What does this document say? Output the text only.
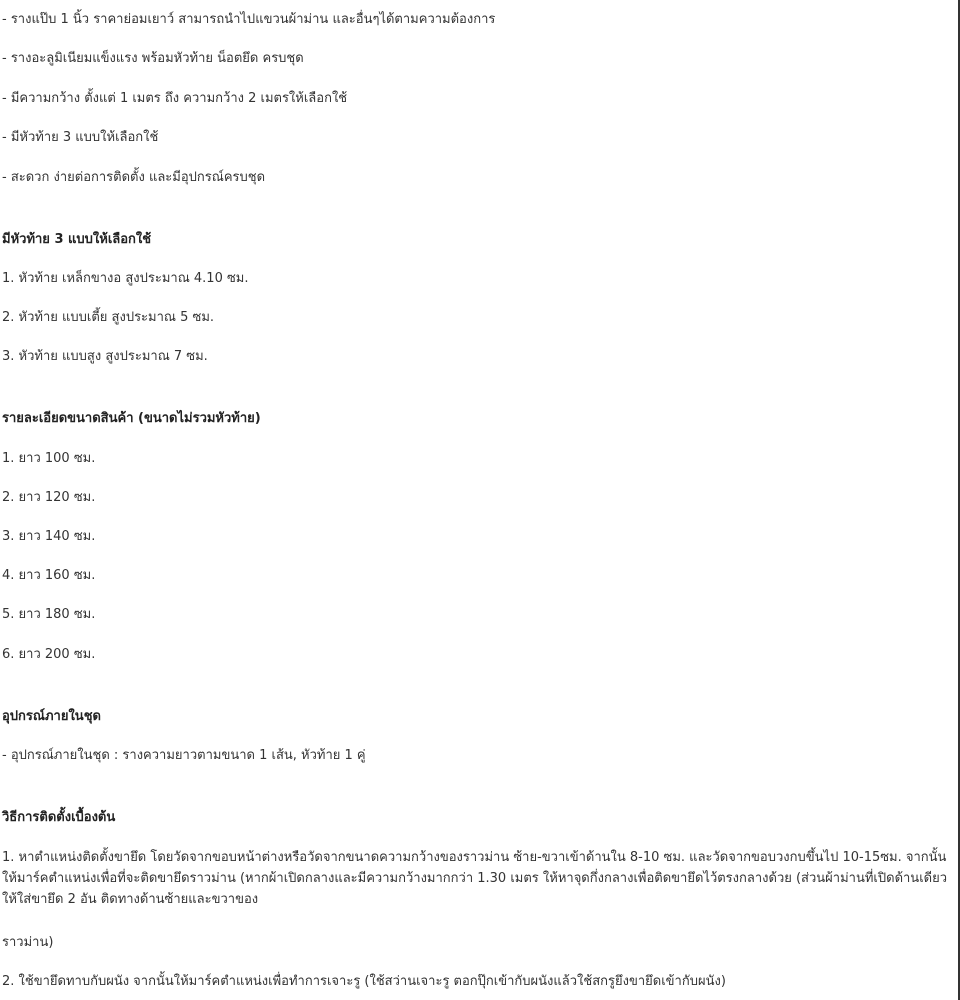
- รางแป๊บ 1 นิ้ว ราคาย่อมเยาว์ สามารถนำไปแขวนผ้าม่าน และอื่นๆได้ตามความต้องการ

- รางอะลูมิเนียมแข็งแรง พร้อมหัวท้าย น็อตยึด ครบชุด

- มีความกว้าง ตั้งแต่ 1 เมตร ถึง ความกว้าง 2 เมตรให้เลือกใช้

- มีหัวท้าย 3 แบบให้เลือกใช้

- สะดวก ง่ายต่อการติดตั้ง และมีอุปกรณ์ครบชุด

มีหัวท้าย 3 แบบให้เลือกใช้

1. หัวท้าย เหล็กขางอ สูงประมาณ 4.10 ซม.

2. หัวท้าย แบบเตี้ย สูงประมาณ 5 ซม.

3. หัวท้าย แบบสูง สูงประมาณ 7 ซม.

รายละเอียดขนาดสินค้า (ขนาดไม่รวมหัวท้าย)

1. ยาว 100 ซม.

2. ยาว 120 ซม.

3. ยาว 140 ซม.

4. ยาว 160 ซม.

5. ยาว 180 ซม.

6. ยาว 200 ซม.

อุปกรณ์ภายในชุด

- อุปกรณ์ภายในชุด : รางความยาวตามขนาด 1 เส้น, หัวท้าย 1 คู่

วิธีการติดตั้งเบื้องต้น

1. หาตำแหน่งติดตั้งขายึด โดยวัดจากขอบหน้าต่างหรือวัดจากขนาดความกว้างของราวม่าน ซ้าย-ขวาเข้าด้านใน 8-10 ซม. และวัดจากขอบวงกบขึ้นไป 10-15ซม. จากนั้นให้มาร์คตำแหน่งเพื่อที่จะติดขายึดราวม่าน (หากผ้าเปิดกลางและมีความกว้างมากกว่า 1.30 เมตร ให้หาจุดกึ่งกลางเพื่อติดขายึดไว้ตรงกลางด้วย (ส่วนผ้าม่านที่เปิดด้านเดียวให้ใส่ขายึด 2 อัน ติดทางด้านซ้ายและขวาของ

ราวม่าน)

2. ใช้ขายึดทาบกับผนัง จากนั้นให้มาร์คตำแหน่งเพื่อทำการเจาะรู (ใช้สว่านเจาะรู ตอกปุ๊กเข้ากับผนังแล้วใช้สกรูยึงขายึดเข้ากับผนัง)
